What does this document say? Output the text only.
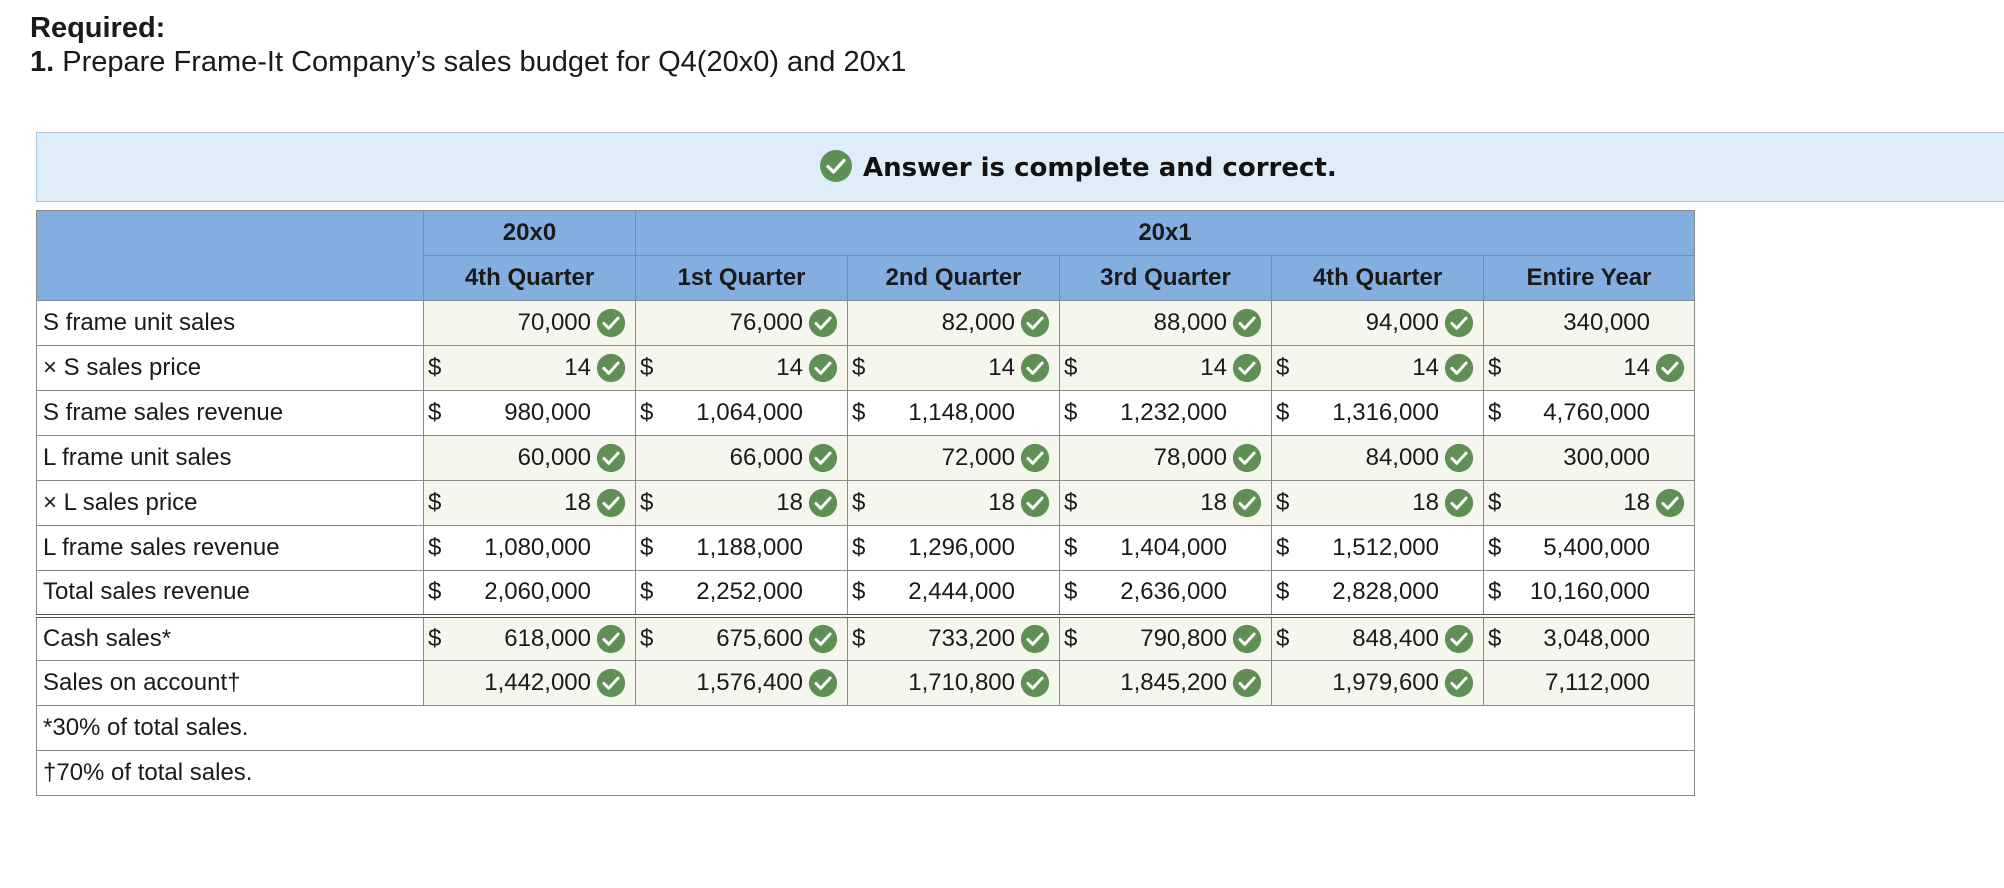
Required:
1. Prepare Frame-It Company’s sales budget for Q4(20x0) and 20x1
Answer is complete and correct.
	20x0	20x1				
	4th Quarter	1st Quarter	2nd Quarter	3rd Quarter	4th Quarter	Entire Year
S frame unit sales	70,000	76,000	82,000	88,000	94,000	340,000

× S sales price	$ 14	$ 14	$ 14	$ 14	$ 14	$ 14

S frame sales revenue	$ 980,000	$ 1,064,000	$ 1,148,000	$ 1,232,000	$ 1,316,000	$ 4,760,000

L frame unit sales	60,000	66,000	72,000	78,000	84,000	300,000

× L sales price	$ 18	$ 18	$ 18	$ 18	$ 18	$ 18

L frame sales revenue	$ 1,080,000	$ 1,188,000	$ 1,296,000	$ 1,404,000	$ 1,512,000	$ 5,400,000

Total sales revenue	$ 2,060,000	$ 2,252,000	$ 2,444,000	$ 2,636,000	$ 2,828,000	$ 10,160,000

Cash sales*	$ 618,000	$ 675,600	$ 733,200	$ 790,800	$ 848,400	$ 3,048,000

Sales on account†	1,442,000	1,576,400	1,710,800	1,845,200	1,979,600	7,112,000

*30% of total sales.						
†70% of total sales.						
